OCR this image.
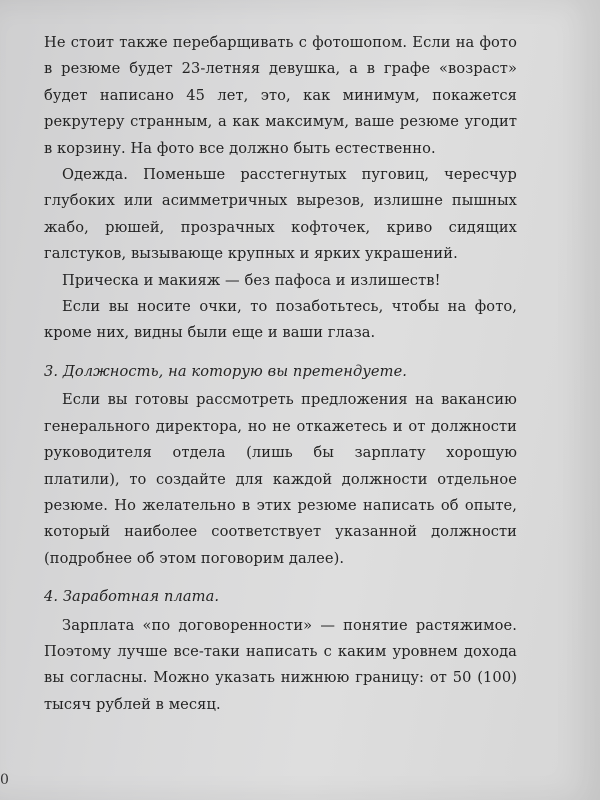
Не стоит также перебарщивать с фотошопом. Если на фото в резюме будет 23-летняя девушка, а в графе «возраст» будет написано 45 лет, это, как минимум, покажется рекрутеру странным, а как максимум, ваше резюме угодит в корзину. На фото все должно быть естественно.

Одежда. Поменьше расстегнутых пуговиц, чересчур глубоких или асимметричных вырезов, излишне пышных жабо, рюшей, прозрачных кофточек, криво сидящих галстуков, вызывающе крупных и ярких украшений.

Прическа и макияж — без пафоса и излишеств!

Если вы носите очки, то позаботьтесь, чтобы на фото, кроме них, видны были еще и ваши глаза.

3. Должность, на которую вы претендуете.

Если вы готовы рассмотреть предложения на вакансию генерального директора, но не откажетесь и от должности руководителя отдела (лишь бы зарплату хорошую платили), то создайте для каждой должности отдельное резюме. Но желательно в этих резюме написать об опыте, который наиболее соответствует указанной должности (подробнее об этом поговорим далее).

4. Заработная плата.

Зарплата «по договоренности» — понятие растяжимое. Поэтому лучше все-таки написать с каким уровнем дохода вы согласны. Можно указать нижнюю границу: от 50 (100) тысяч рублей в месяц.

0
